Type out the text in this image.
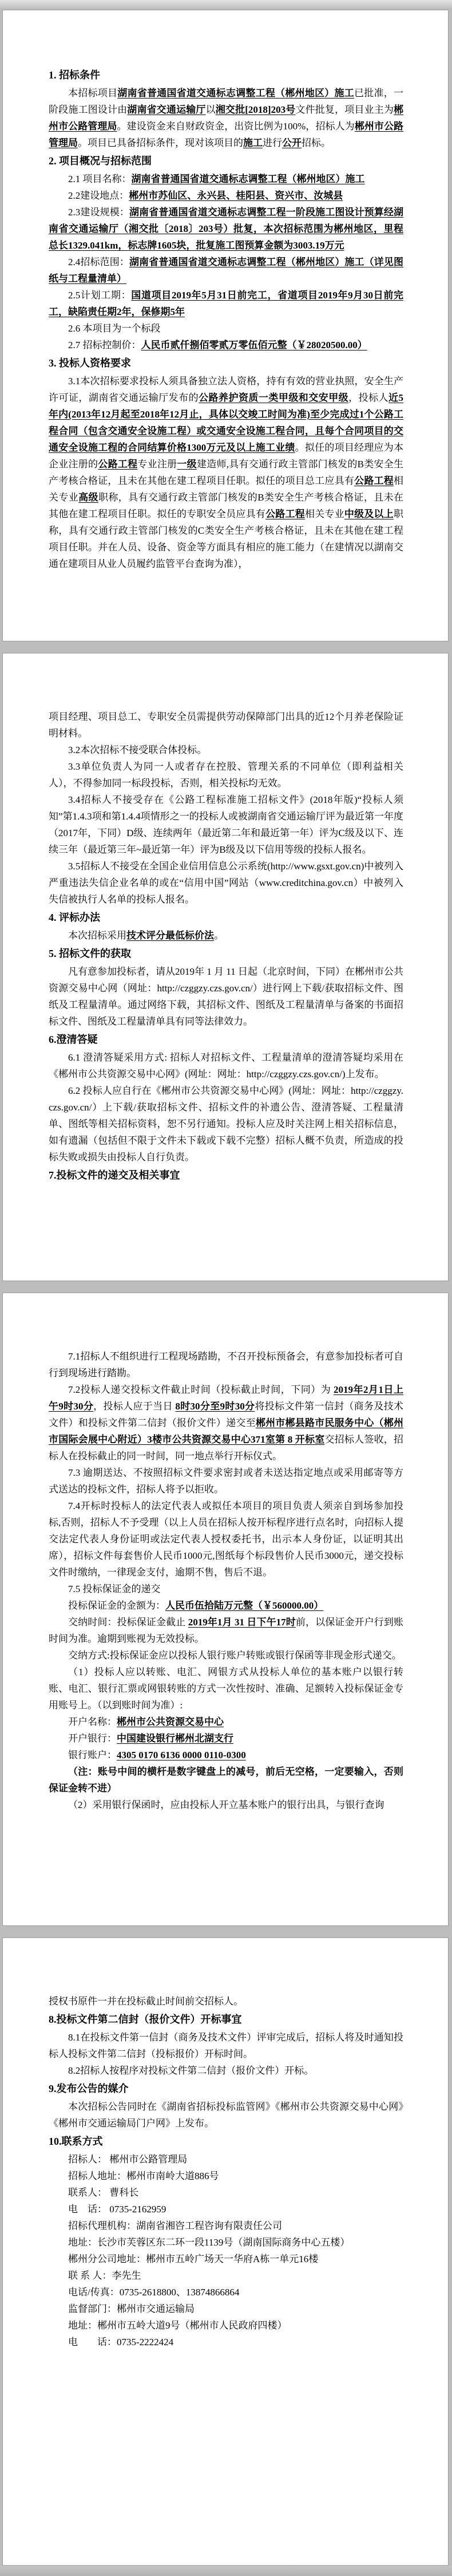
1. 招标条件

本招标项目湖南省普通国省道交通标志调整工程（郴州地区）施工已批准，一阶段施工图设计由湖南省交通运输厅以湘交批[2018]203号文件批复，项目业主为郴州市公路管理局。建设资金来自财政资金，出资比例为100%，招标人为郴州市公路管理局。项目已具备招标条件，现对该项目的施工进行公开招标。

2. 项目概况与招标范围

2.1 项目名称：湖南省普通国省道交通标志调整工程（郴州地区）施工

2.2建设地点：郴州市苏仙区、永兴县、桂阳县、资兴市、汝城县

2.3建设规模：湖南省普通国省道交通标志调整工程一阶段施工图设计预算经湖南省交通运输厅（湘交批〔2018〕203号）批复，本次招标范围为郴州地区，里程总长1329.041km，标志牌1605块，批复施工图预算金额为3003.19万元

2.4招标范围：湖南省普通国省道交通标志调整工程（郴州地区）施工（详见图纸与工程量清单）

2.5计划工期：国道项目2019年5月31日前完工，省道项目2019年9月30日前完工，缺陷责任期2年，保修期5年

2.6 本项目为一个标段

2.7 招标控制价：人民币贰仟捌佰零贰万零伍佰元整（￥28020500.00）

3. 投标人资格要求

3.1本次招标要求投标人须具备独立法人资格，持有有效的营业执照，安全生产许可证，湖南省交通运输厅发布的公路养护资质一类甲级和交安甲级，投标人近5年内(2013年12月起至2018年12月止，具体以交竣工时间为准)至少完成过1个公路工程合同（包含交通安全设施工程）或交通安全设施工程合同，且每个合同项目的交通安全设施工程的合同结算价格1300万元及以上施工业绩。拟任的项目经理应为本企业注册的公路工程专业注册一级建造师,具有交通行政主管部门核发的B类安全生产考核合格证，且未在其他在建工程项目任职。拟任的项目总工应具有公路工程相关专业高级职称，具有交通行政主管部门核发的B类安全生产考核合格证，且未在其他在建工程项目任职。拟任的专职安全员应具有公路工程相关专业中级及以上职称，具有交通行政主管部门核发的C类安全生产考核合格证，且未在其他在建工程项目任职。并在人员、设备、资金等方面具有相应的施工能力（在建情况以湖南交通在建项目从业人员履约监管平台查询为准），

项目经理、项目总工、专职安全员需提供劳动保障部门出具的近12个月养老保险证明材料。

3.2本次招标不接受联合体投标。

3.3单位负责人为同一人或者存在控股、管理关系的不同单位（即利益相关人），不得参加同一标段投标，否则，相关投标均无效。

3.4招标人不接受存在《公路工程标准施工招标文件》(2018年版)“投标人须知”第1.4.3项和第1.4.4项情形之一的投标人或被湖南省交通运输厅评为最近第一年度（2017年，下同）D级、连续两年（最近第二年和最近第一年）评为C级及以下、连续三年（最近第三年~最近第一年）评为B级及以下信用等级的投标人报名。

3.5招标人不接受在全国企业信用信息公示系统(http://www.gsxt.gov.cn)中被列入严重违法失信企业名单的或在“信用中国”网站（www.creditchina.gov.cn）中被列入失信被执行人名单的投标人报名。

4. 评标办法

本次招标采用技术评分最低标价法。

5. 招标文件的获取

凡有意参加投标者，请从2019年 1 月 11 日起（北京时间，下同）在郴州市公共资源交易中心网（网址：http://czggzy.czs.gov.cn/）进行网上下载/获取招标文件、图纸及工程量清单。通过网络下载，其招标文件、图纸及工程量清单与备案的书面招标文件、图纸及工程量清单具有同等法律效力。

6.澄清答疑

6.1 澄清答疑采用方式: 招标人对招标文件、工程量清单的澄清答疑均采用在《郴州市公共资源交易中心网》(网址：网址：http://czggzy.czs.gov.cn/)上发布。

6.2 投标人应自行在《郴州市公共资源交易中心网》(网址：网址：http://czggzy.czs.gov.cn/）上下载/获取招标文件、招标文件的补遗公告、澄清答疑、工程量清单、图纸等相关招标资料，恕不另行通知。投标人应及时关注网上相关招标信息，如有遗漏（包括但不限于文件未下载或下载不完整）招标人概不负责，所造成的投标失败或损失由投标人自行负责。

7.投标文件的递交及相关事宜

7.1招标人不组织进行工程现场踏勘，不召开投标预备会，有意参加投标者可自行到现场进行踏勘。

7.2投标人递交投标文件截止时间（投标截止时间，下同）为 2019年2月1日上午9时30分，投标人应于当日 8时30分至9时30分将投标文件第一信封（商务及技术文件）和投标文件第二信封（报价文件）递交至郴州市郴县路市民服务中心（郴州市国际会展中心附近）3楼市公共资源交易中心371室第 8 开标室交招标人签收，招标人在投标截止的同一时间，同一地点举行开标仪式。

7.3 逾期送达、不按照招标文件要求密封或者未送达指定地点或采用邮寄等方式送达的投标文件，招标人将予以拒收。

7.4开标时投标人的法定代表人或拟任本项目的项目负责人须亲自到场参加投标,否则，招标人不予受理（以上人员在招标人按开标程序进行点名时，向招标人提交法定代表人身份证明或法定代表人授权委托书，出示本人身份证，以证明其出席），招标文件每套售价人民币1000元,图纸每个标段售价人民币3000元，递交投标文件时缴纳，一律现金支付，逾期不售，售后不退。

7.5 投标保证金的递交

投标保证金的金额为：人民币伍拾陆万元整（￥560000.00）

交纳时间：投标保证金截止 2019年1月 31 日下午17时前，以保证金开户行到账时间为准。逾期到账视为无效投标。

交纳方式:投标保证金应以投标人银行账户转账或银行保函等非现金形式递交。

（1）投标人应以转账、电汇、网银方式从投标人单位的基本账户以银行转账、电汇、银行汇票或网银转账的方式一次性按时、准确、足额转入投标保证金专用账号上。（以到账时间为准）:

开户名称：郴州市公共资源交易中心

开户银行：中国建设银行郴州北湖支行

银行账户：4305 0170 6136 0000 0110-0300

（注：账号中间的横杆是数字键盘上的减号，前后无空格，一定要输入，否则保证金转不进）

（2）采用银行保函时，应由投标人开立基本账户的银行出具，与银行查询

授权书原件一并在投标截止时间前交招标人。

8.投标文件第二信封（报价文件）开标事宜

8.1在投标文件第一信封（商务及技术文件）评审完成后，招标人将及时通知投标人投标文件第二信封（投标报价）开标时间。

8.2招标人按程序对投标文件第二信封（报价文件）开标。

9.发布公告的媒介

本次招标公告同时在《湖南省招标投标监管网》《郴州市公共资源交易中心网》《郴州市交通运输局门户网》上发布。

10.联系方式

招标人： 郴州市公路管理局

招标人地址：郴州市南岭大道886号

联系人： 曹科长

电　话： 0735-2162959

招标代理机构：湖南省湘咨工程咨询有限责任公司

地址：长沙市芙蓉区东二环一段1139号（湖南国际商务中心五楼）

郴州分公司地址：郴州市五岭广场天一华府A栋一单元16楼

联 系 人：李先生

电话/传真：0735-2618800、13874866864

监督部门：郴州市交通运输局

地址：郴州市五岭大道9号（郴州市人民政府四楼）

电　　话：0735-2222424
